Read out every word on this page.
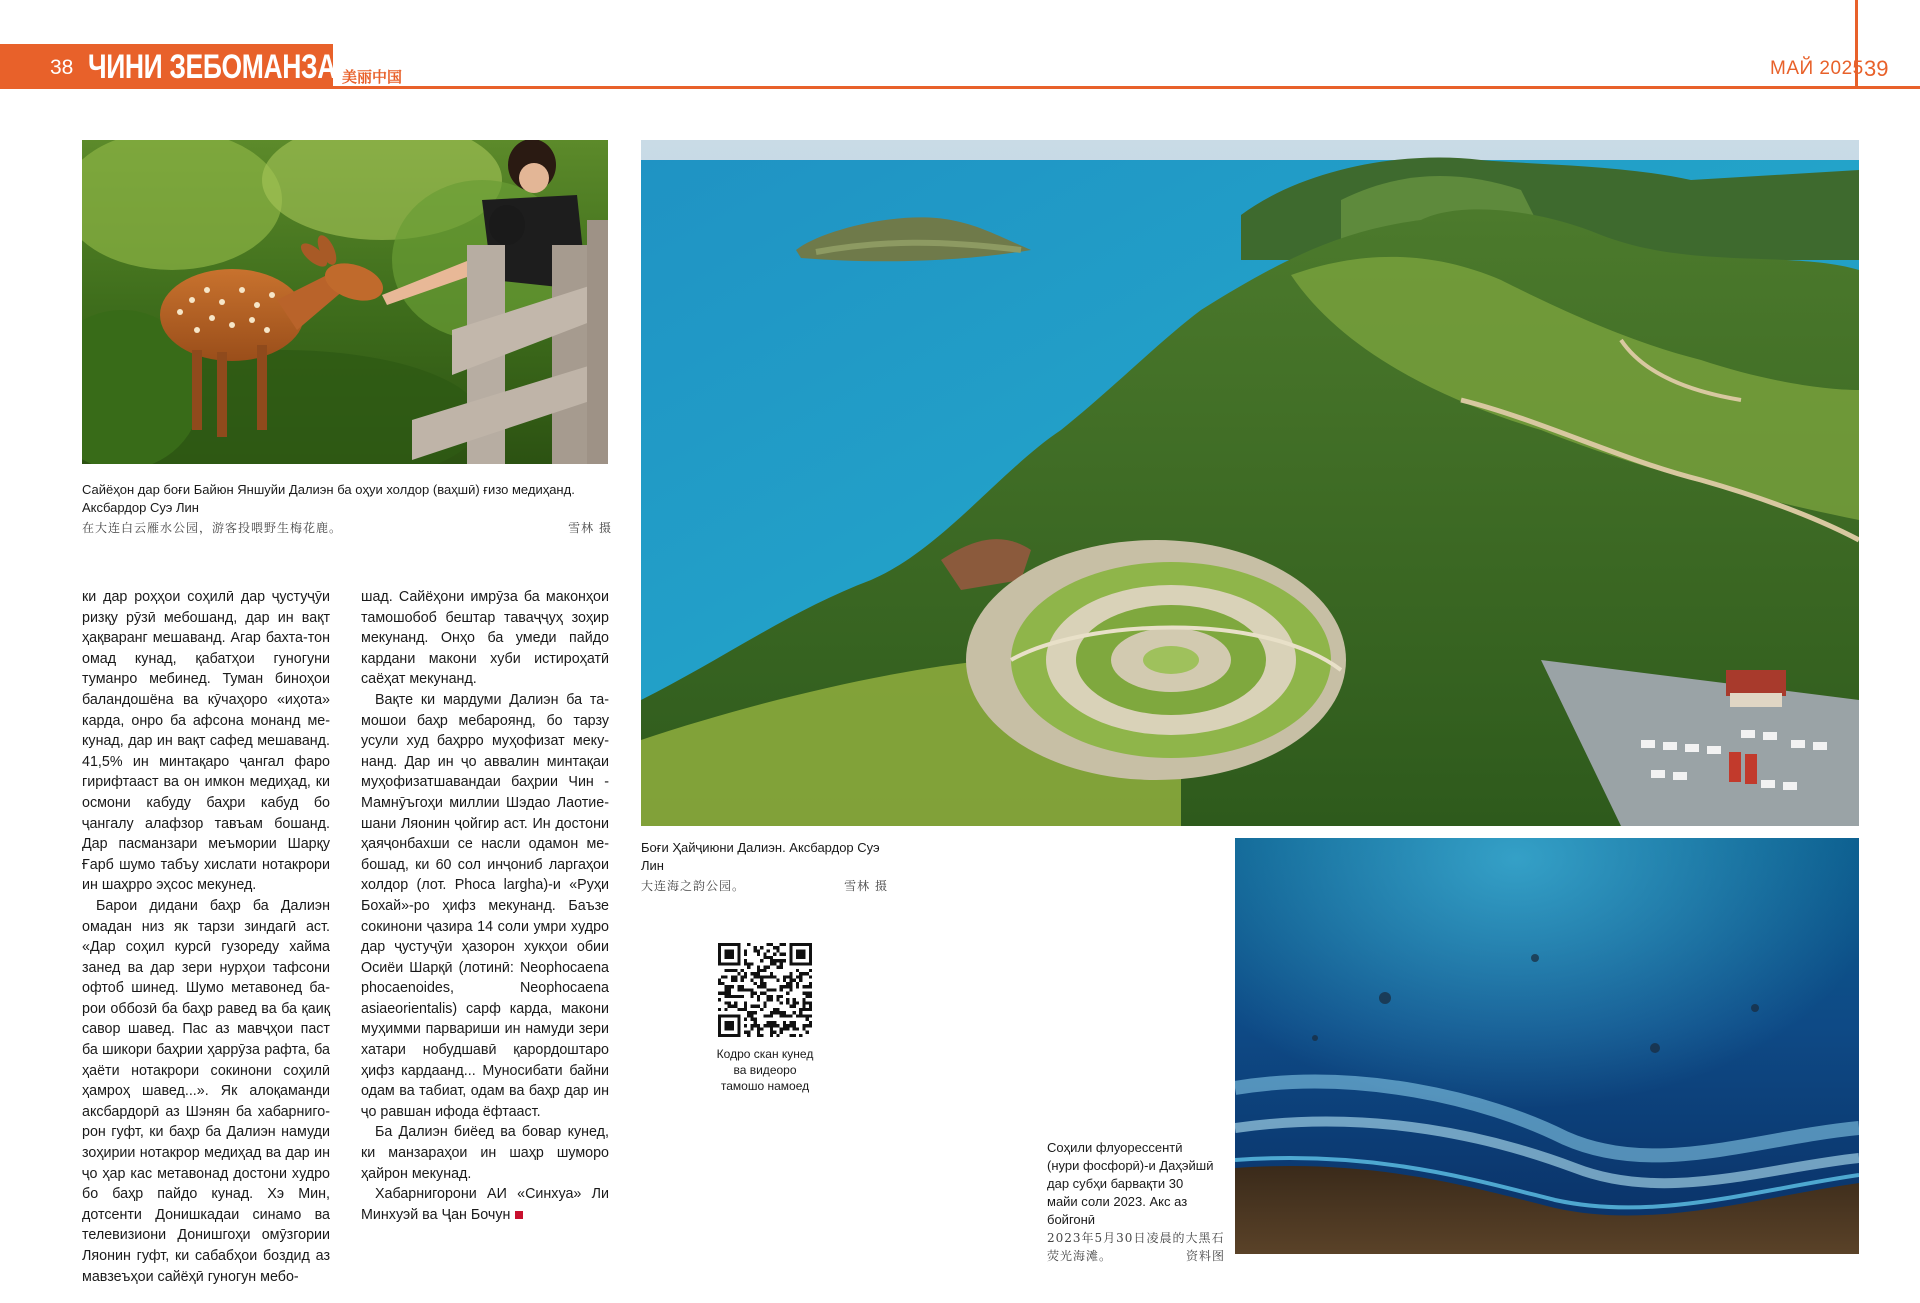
38 ЧИНИ ЗЕБОМАНЗАР
美丽中国	МАЙ 2025 39
Сайёҳон дар боғи Байюн Яншуйи Далиэн ба оҳуи холдор (ваҳшӣ) ғизо медиҳанд.
Аксбардор Суэ Лин
在大连白云雁水公园，游客投喂野生梅花鹿。	雪林 摄
Боғи Ҳайҷиюни Далиэн. Аксбардор Суэ
Лин
大连海之韵公园。	雪林 摄
Соҳили флуоресcентӣ
(нури фосфорӣ)-и Даҳэйшӣ
дар субҳи барвақти 30
майи соли 2023. Акс аз
бойгонӣ
2023年5月30日凌晨的大黑石
荧光海滩。	资料图

ки дар роҳҳои соҳилӣ дар ҷустуҷӯи ризқу рӯзӣ мебошанд, дар ин вақт ҳақваранг мешаванд. Агар бахта-тон омад кунад, қабатҳои гуногуни туманро мебинед. Туман биноҳои баландошёна ва кӯчаҳоро «иҳота» карда, онро ба афсона монанд ме-кунад, дар ин вақт сафед мешаванд. 41,5% ин минтақаро ҷангал фаро гирифтааст ва он имкон медиҳад, ки осмони кабуду баҳри кабуд бо ҷангалу алафзор тавъам бошанд. Дар пасманзари меъмории Шарқу Ғарб шумо табъу хислати нотакрори ин шаҳрро эҳсос мекунед.

Барои дидани баҳр ба Далиэн омадан низ як тарзи зиндагӣ аст. «Дар соҳил курсӣ гузореду хайма занед ва дар зери нурҳои тафсони офтоб шинед. Шумо метавонед ба-рои оббозӣ ба баҳр равед ва ба қаиқ савор шавед. Пас аз мавҷҳои паст ба шикори баҳрии ҳаррӯза рафта, ба ҳаёти нотакрори сокинони соҳилӣ ҳамроҳ шавед...». Як алоқаманди аксбардорӣ аз Шэнян ба хабарниго-рон гуфт, ки баҳр ба Далиэн намуди зоҳирии нотакрор медиҳад ва дар ин ҷо ҳар кас метавонад достони худро бо баҳр пайдо кунад. Хэ Мин, дотсенти Донишкадаи синамо ва телевизиони Донишгоҳи омӯзгории Ляонин гуфт, ки сабабҳои боздид аз мавзеъҳои сайёҳӣ гуногун мебо-

шад. Сайёҳони имрӯза ба маконҳои тамошобоб бештар таваҷҷуҳ зоҳир мекунанд. Онҳо ба умеди пайдо кардани макони хуби истироҳатӣ саёҳат мекунанд.

Вақте ки мардуми Далиэн ба та-мошои баҳр мебароянд, бо тарзу усули худ баҳрро муҳофизат меку-нанд. Дар ин ҷо аввалин минтақаи муҳофизатшавандаи баҳрии Чин - Мамнӯъгоҳи миллии Шэдао Лаотие-шани Ляонин ҷойгир аст. Ин достони ҳаяҷонбахши се насли одамон ме-бошад, ки 60 сол инҷониб ларгаҳои холдор (лот. Phoca largha)-и «Руҳи Бохай»-ро ҳифз мекунанд. Баъзе сокинони ҷазира 14 соли умри худро дар ҷустуҷӯи ҳазорон хукҳои обии Осиёи Шарқӣ (лотинӣ: Neophocaena phocaenoides, Neophocaena asiaeorientalis) сарф карда, макони муҳимми парвариши ин намуди зери хатари нобудшавӣ қарордоштаро ҳифз кардаанд... Муносибати байни одам ва табиат, одам ва баҳр дар ин ҷо равшан ифода ёфтааст.

Ба Далиэн биёед ва бовар кунед, ки манзараҳои ин шаҳр шуморо ҳайрон мекунад.

Хабарнигорони АИ «Синхуа» Ли Минхуэй ва Ҷан Бочун

Кодро скан кунед
ва видеоро
тамошо намоед
